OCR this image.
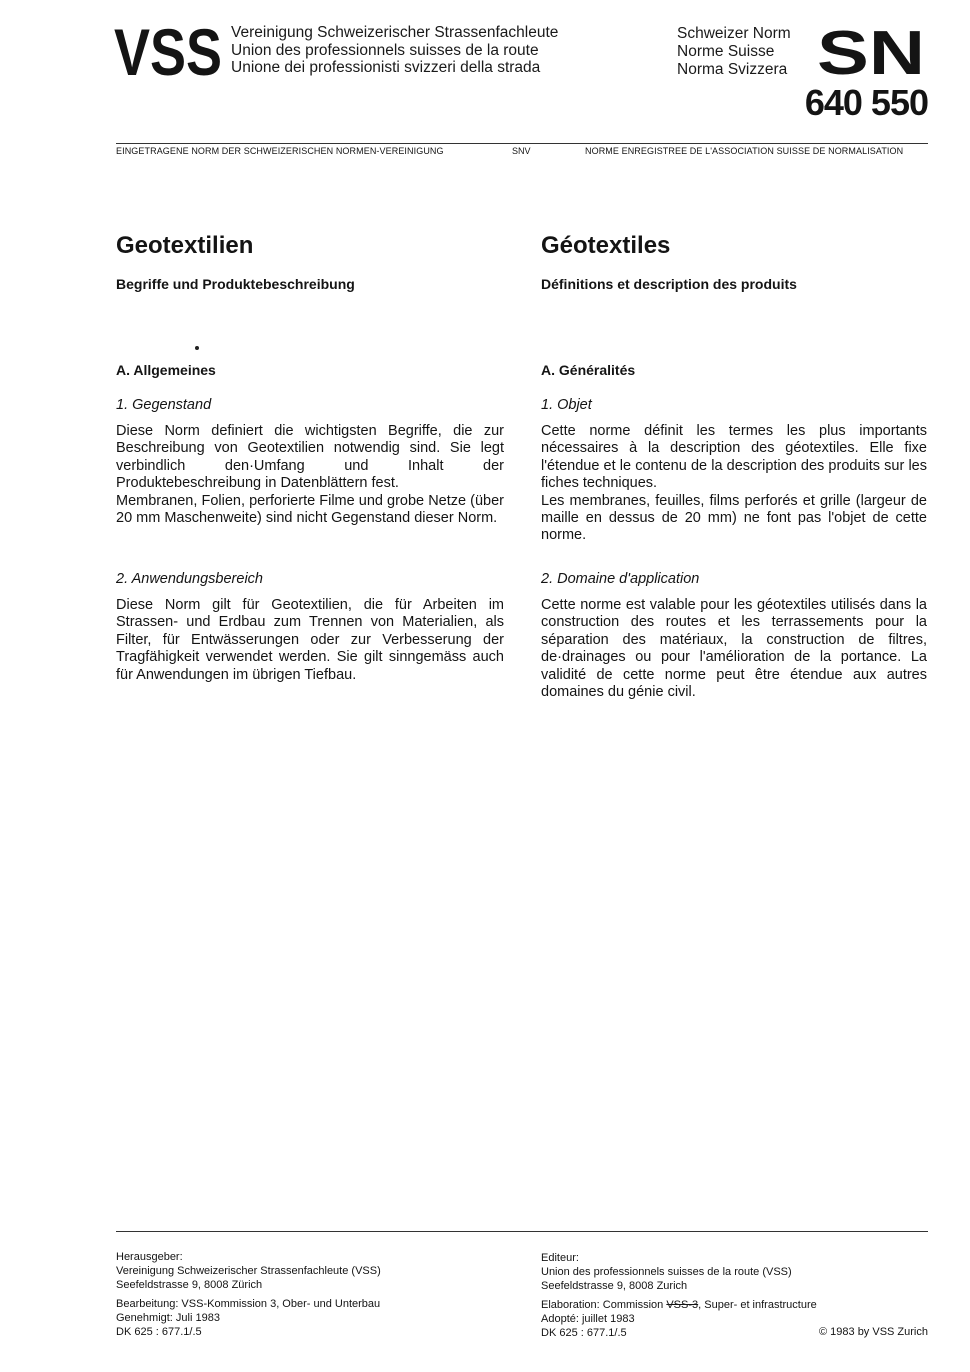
VSS Vereinigung Schweizerischer Strassenfachleute
Union des professionnels suisses de la route
Unione dei professionisti svizzeri della strada
Schweizer Norm
Norme Suisse
Norma Svizzera SN
640 550
EINGETRAGENE NORM DER SCHWEIZERISCHEN NORMEN-VEREINIGUNG	SNV	NORME ENREGISTREE DE L'ASSOCIATION SUISSE DE NORMALISATION
Geotextilien
Begriffe und Produktebeschreibung
A. Allgemeines
1. Gegenstand

Diese Norm definiert die wichtigsten Begriffe, die zur Beschreibung von Geotextilien notwendig sind. Sie legt verbindlich den·Umfang und Inhalt der Produktebeschreibung in Datenblättern fest.

Membranen, Folien, perforierte Filme und grobe Netze (über 20 mm Maschenweite) sind nicht Gegenstand dieser Norm.

2. Anwendungsbereich

Diese Norm gilt für Geotextilien, die für Arbeiten im Strassen- und Erdbau zum Trennen von Materialien, als Filter, für Entwässerungen oder zur Verbesserung der Tragfähigkeit verwendet werden. Sie gilt sinngemäss auch für Anwendungen im übrigen Tiefbau.

Géotextiles
Définitions et description des produits
A. Généralités
1. Objet

Cette norme définit les termes les plus importants nécessaires à la description des géotextiles. Elle fixe l'étendue et le contenu de la description des produits sur les fiches techniques.

Les membranes, feuilles, films perforés et grille (largeur de maille en dessus de 20 mm) ne font pas l'objet de cette norme.

2. Domaine d'application

Cette norme est valable pour les géotextiles utilisés dans la construction des routes et les terrassements pour la séparation des matériaux, la construction de filtres, de·drainages ou pour l'amélioration de la portance. La validité de cette norme peut être étendue aux autres domaines du génie civil.

Herausgeber:
Vereinigung Schweizerischer Strassenfachleute (VSS)
Seefeldstrasse 9, 8008 Zürich
Bearbeitung: VSS-Kommission 3, Ober- und Unterbau
Genehmigt: Juli 1983
DK 625 : 677.1/.5
Editeur:
Union des professionnels suisses de la route (VSS)
Seefeldstrasse 9, 8008 Zurich
Elaboration: Commission VSS-3, Super- et infrastructure
Adopté: juillet 1983
DK 625 : 677.1/.5	© 1983 by VSS Zurich
